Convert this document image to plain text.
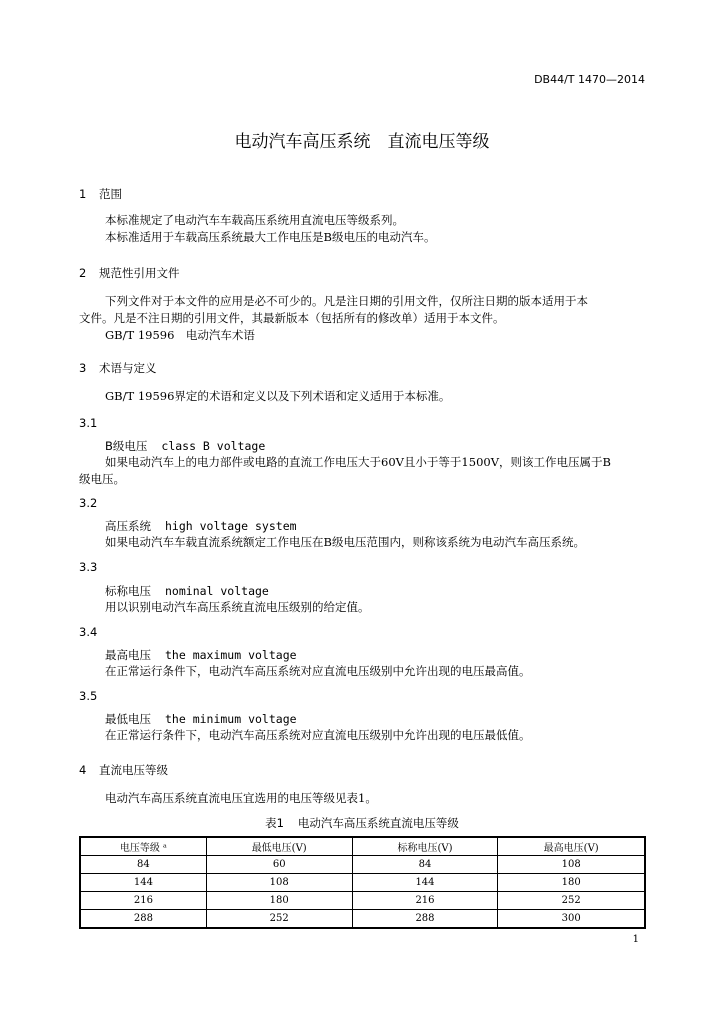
DB44/T 1470—2014
电动汽车高压系统　直流电压等级
1 范围
本标准规定了电动汽车车载高压系统用直流电压等级系列。
本标准适用于车载高压系统最大工作电压是B级电压的电动汽车。
2 规范性引用文件
下列文件对于本文件的应用是必不可少的。凡是注日期的引用文件，仅所注日期的版本适用于本
文件。凡是不注日期的引用文件，其最新版本（包括所有的修改单）适用于本文件。
GB/T 19596　电动汽车术语
3 术语与定义
GB/T 19596界定的术语和定义以及下列术语和定义适用于本标准。
3.1
B级电压 class B voltage
如果电动汽车上的电力部件或电路的直流工作电压大于60V且小于等于1500V，则该工作电压属于B
级电压。
3.2
高压系统 high voltage system
如果电动汽车车载直流系统额定工作电压在B级电压范围内，则称该系统为电动汽车高压系统。
3.3
标称电压 nominal voltage
用以识别电动汽车高压系统直流电压级别的给定值。
3.4
最高电压 the maximum voltage
在正常运行条件下，电动汽车高压系统对应直流电压级别中允许出现的电压最高值。
3.5
最低电压 the minimum voltage
在正常运行条件下，电动汽车高压系统对应直流电压级别中允许出现的电压最低值。
4 直流电压等级
电动汽车高压系统直流电压宜选用的电压等级见表1。
表1 电动汽车高压系统直流电压等级
电压等级 ᵃ	最低电压(V)	标称电压(V)	最高电压(V)
84	60	84	108
144	108	144	180
216	180	216	252
288	252	288	300
1
